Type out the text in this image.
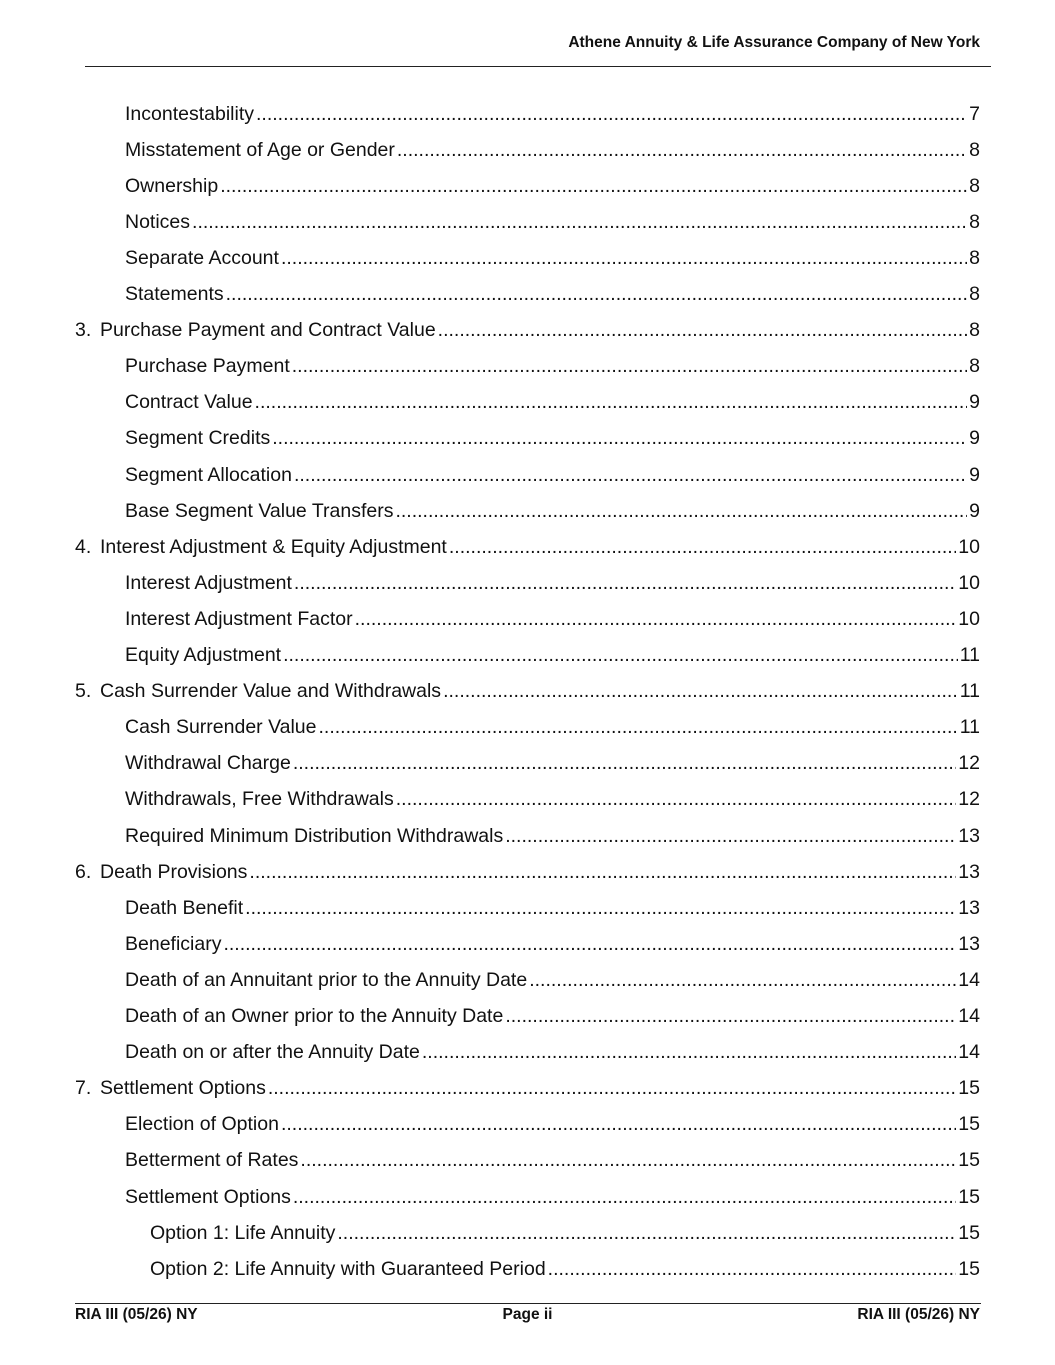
Athene Annuity & Life Assurance Company of New York
Incontestability .....	7
Misstatement of Age or Gender .....	8
Ownership .....	8
Notices .....	8
Separate Account .....	8
Statements .....	8
3. Purchase Payment and Contract Value .....	8
Purchase Payment .....	8
Contract Value .....	9
Segment Credits .....	9
Segment Allocation .....	9
Base Segment Value Transfers .....	9
4. Interest Adjustment & Equity Adjustment .....	10
Interest Adjustment .....	10
Interest Adjustment Factor .....	10
Equity Adjustment .....	11
5. Cash Surrender Value and Withdrawals .....	11
Cash Surrender Value .....	11
Withdrawal Charge .....	12
Withdrawals, Free Withdrawals .....	12
Required Minimum Distribution Withdrawals .....	13
6. Death Provisions .....	13
Death Benefit .....	13
Beneficiary .....	13
Death of an Annuitant prior to the Annuity Date .....	14
Death of an Owner prior to the Annuity Date .....	14
Death on or after the Annuity Date .....	14
7. Settlement Options .....	15
Election of Option .....	15
Betterment of Rates .....	15
Settlement Options .....	15
Option 1: Life Annuity .....	15
Option 2: Life Annuity with Guaranteed Period .....	15
RIA III (05/26) NY	Page ii	RIA III (05/26) NY
